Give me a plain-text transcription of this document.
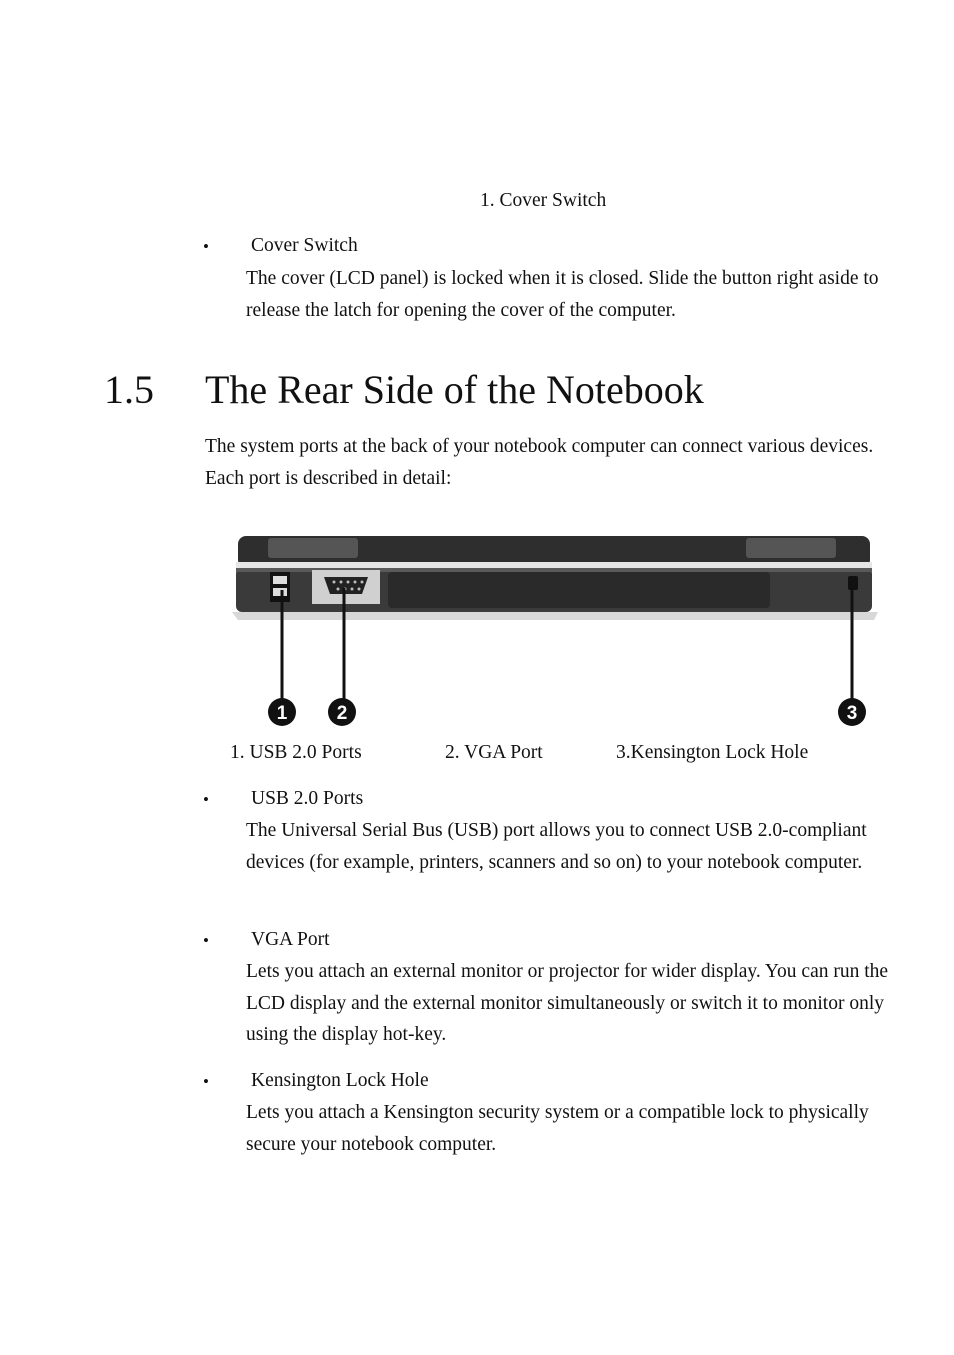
1. Cover Switch
• Cover Switch
The cover (LCD panel) is locked when it is closed. Slide the button right aside to release the latch for opening the cover of the computer.
1.5 The Rear Side of the Notebook
The system ports at the back of your notebook computer can connect various devices. Each port is described in detail:
1	2	3
1. USB 2.0 Ports	2. VGA Port	3.Kensington Lock Hole
• USB 2.0 Ports
The Universal Serial Bus (USB) port allows you to connect USB 2.0-compliant devices (for example, printers, scanners and so on) to your notebook computer.
• VGA Port
Lets you attach an external monitor or projector for wider display. You can run the LCD display and the external monitor simultaneously or switch it to monitor only using the display hot-key.
• Kensington Lock Hole
Lets you attach a Kensington security system or a compatible lock to physically secure your notebook computer.
